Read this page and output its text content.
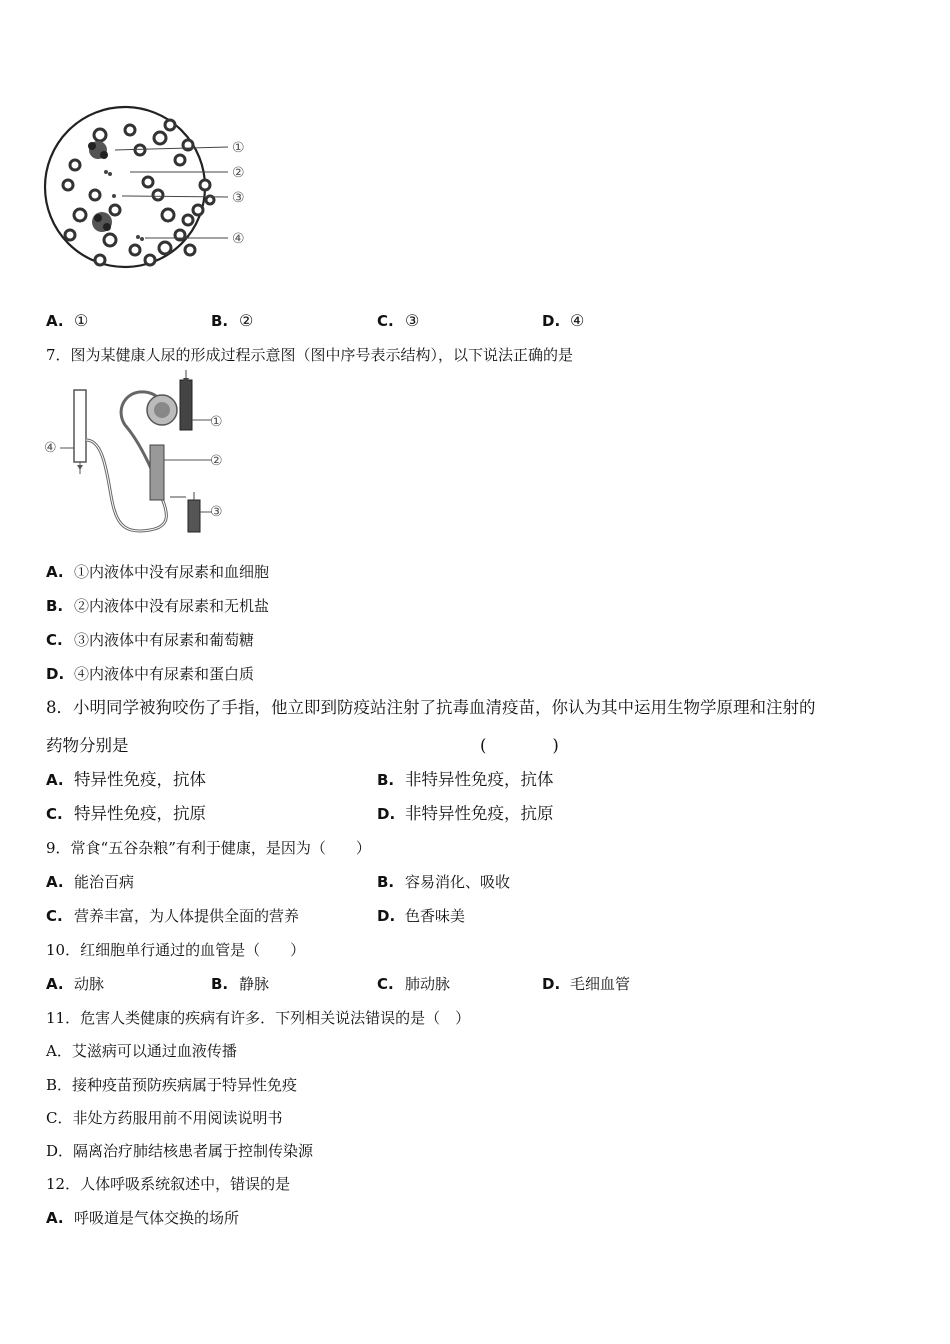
①
②
③
④
A. ①	B. ②	C. ③	D. ④
7．图为某健康人尿的形成过程示意图（图中序号表示结构），以下说法正确的是
①
②
③
④
A. ①内液体中没有尿素和血细胞
B. ②内液体中没有尿素和无机盐
C. ③内液体中有尿素和葡萄糖
D. ④内液体中有尿素和蛋白质
8．小明同学被狗咬伤了手指，他立即到防疫站注射了抗毒血清疫苗，你认为其中运用生物学原理和注射的
药物分别是	(　　　　)
A. 特异性免疫，抗体	B. 非特异性免疫，抗体
C. 特异性免疫，抗原	D. 非特异性免疫，抗原
9．常食“五谷杂粮”有利于健康，是因为（　　）
A. 能治百病	B. 容易消化、吸收
C. 营养丰富，为人体提供全面的营养	D. 色香味美
10．红细胞单行通过的血管是（　　）
A. 动脉	B. 静脉	C. 肺动脉	D. 毛细血管
11．危害人类健康的疾病有许多．下列相关说法错误的是（　）
A．艾滋病可以通过血液传播
B．接种疫苗预防疾病属于特异性免疫
C．非处方药服用前不用阅读说明书
D．隔离治疗肺结核患者属于控制传染源
12．人体呼吸系统叙述中，错误的是
A. 呼吸道是气体交换的场所
